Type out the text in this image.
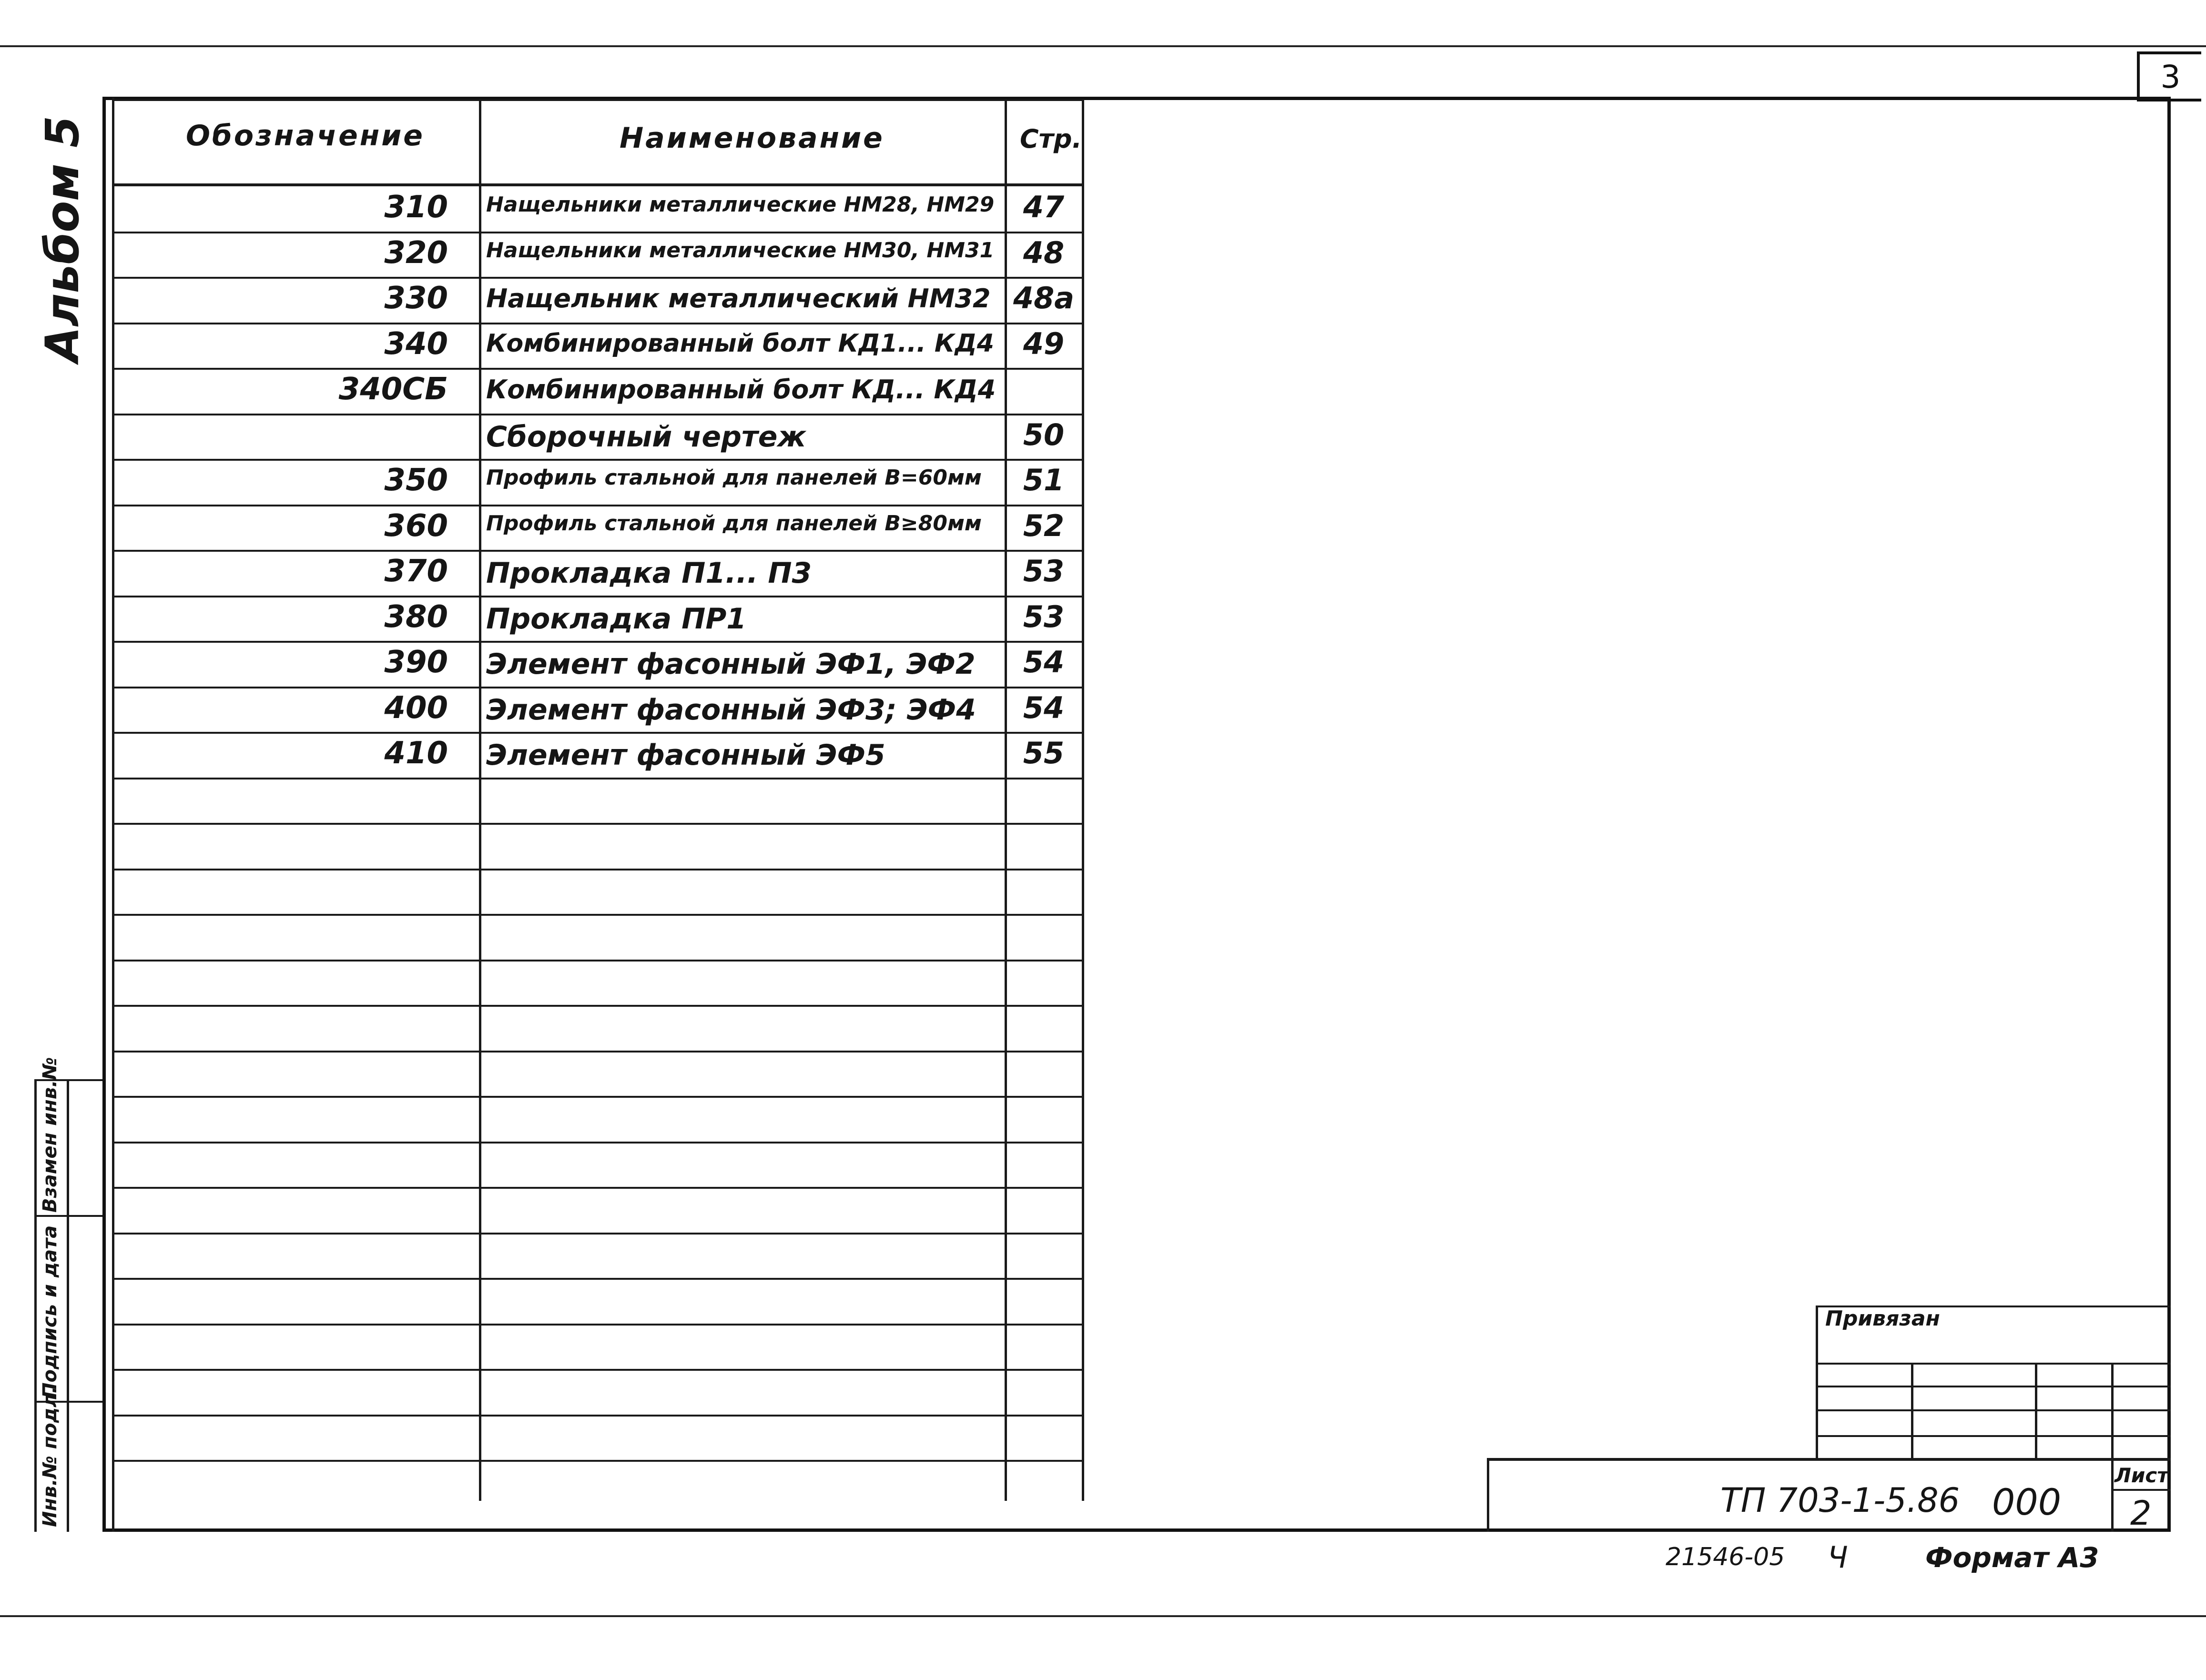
3
Альбом 5
Взамен инв.№
Подпись и дата
Инв.№ подл.
Обозначение	Наименование	Стр.
310 Нащельники металлические НМ28, НМ29 47
320 Нащельники металлические НМ30, НМ31 48
330 Нащельник металлический НМ32 48а
340 Комбинированный болт КД1... КД4 49
340СБ Комбинированный болт КД... КД4
Сборочный чертеж	50
350 Профиль стальной для панелей В=60мм	51
360 Профиль стальной для панелей В≥80мм	52
370 Прокладка П1... П3	53
380 Прокладка ПР1	53
390 Элемент фасонный ЭФ1, ЭФ2	54
400 Элемент фасонный ЭФ3; ЭФ4	54
410 Элемент фасонный ЭФ5	55
Привязан
ТП 703-1-5.86 000
Лист
2
21546-05 Ч	Формат А3
